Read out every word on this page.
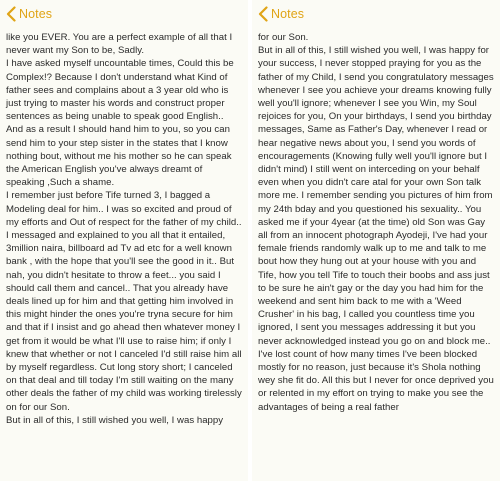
Notes
like you EVER. You are a perfect example of all that I never want my Son to be, Sadly.
I have asked myself uncountable times, Could this be Complex!? Because I don't understand what Kind of father sees and complains about a 3 year old who is just trying to master his words and construct proper sentences as being unable to speak good English..
And as a result I should hand him to you, so you can send him to your step sister in the states that I know nothing bout, without me his mother so he can speak the American English you've always dreamt of speaking ,Such a shame.
I remember just before Tife turned 3, I bagged a Modeling deal for him.. I was so excited and proud of my efforts and Out of respect for the father of my child.. I messaged and explained to you all that it entailed, 3million naira, billboard ad Tv ad etc for a well known bank , with the hope that you'll see the good in it.. But nah, you didn't hesitate to throw a feet... you said I should call them and cancel.. That you already have deals lined up for him and that getting him involved in this might hinder the ones you're tryna secure for him and that if I insist and go ahead then whatever money I get from it would be what I'll use to raise him; if only I knew that whether or not I canceled I'd still raise him all by myself regardless. Cut long story short; I canceled on that deal and till today I'm still waiting on the many other deals the father of my child was working tirelessly on for our Son.
But in all of this, I still wished you well, I was happy
Notes
for our Son.
But in all of this, I still wished you well, I was happy for your success, I never stopped praying for you as the father of my Child, I send you congratulatory messages whenever I see you achieve your dreams knowing fully well you'll ignore; whenever I see you Win, my Soul rejoices for you, On your birthdays, I send you birthday messages, Same as Father's Day, whenever I read or hear negative news about you, I send you words of encouragements (Knowing fully well you'll ignore but I didn't mind) I still went on interceding on your behalf even when you didn't care atal for your own Son talk more me. I remember sending you pictures of him from my 24th bday and you questioned his sexuality.. You asked me if your 4year (at the time) old Son was Gay all from an innocent photograph Ayodeji, I've had your female friends randomly walk up to me and talk to me bout how they hung out at your house with you and Tife, how you tell Tife to touch their boobs and ass just to be sure he ain't gay or the day you had him for the weekend and sent him back to me with a 'Weed Crusher' in his bag, I called you countless time you ignored, I sent you messages addressing it but you never acknowledged instead you go on and block me.. I've lost count of how many times I've been blocked mostly for no reason, just because it's Shola nothing wey she fit do. All this but I never for once deprived you or relented in my effort on trying to make you see the advantages of being a real father
